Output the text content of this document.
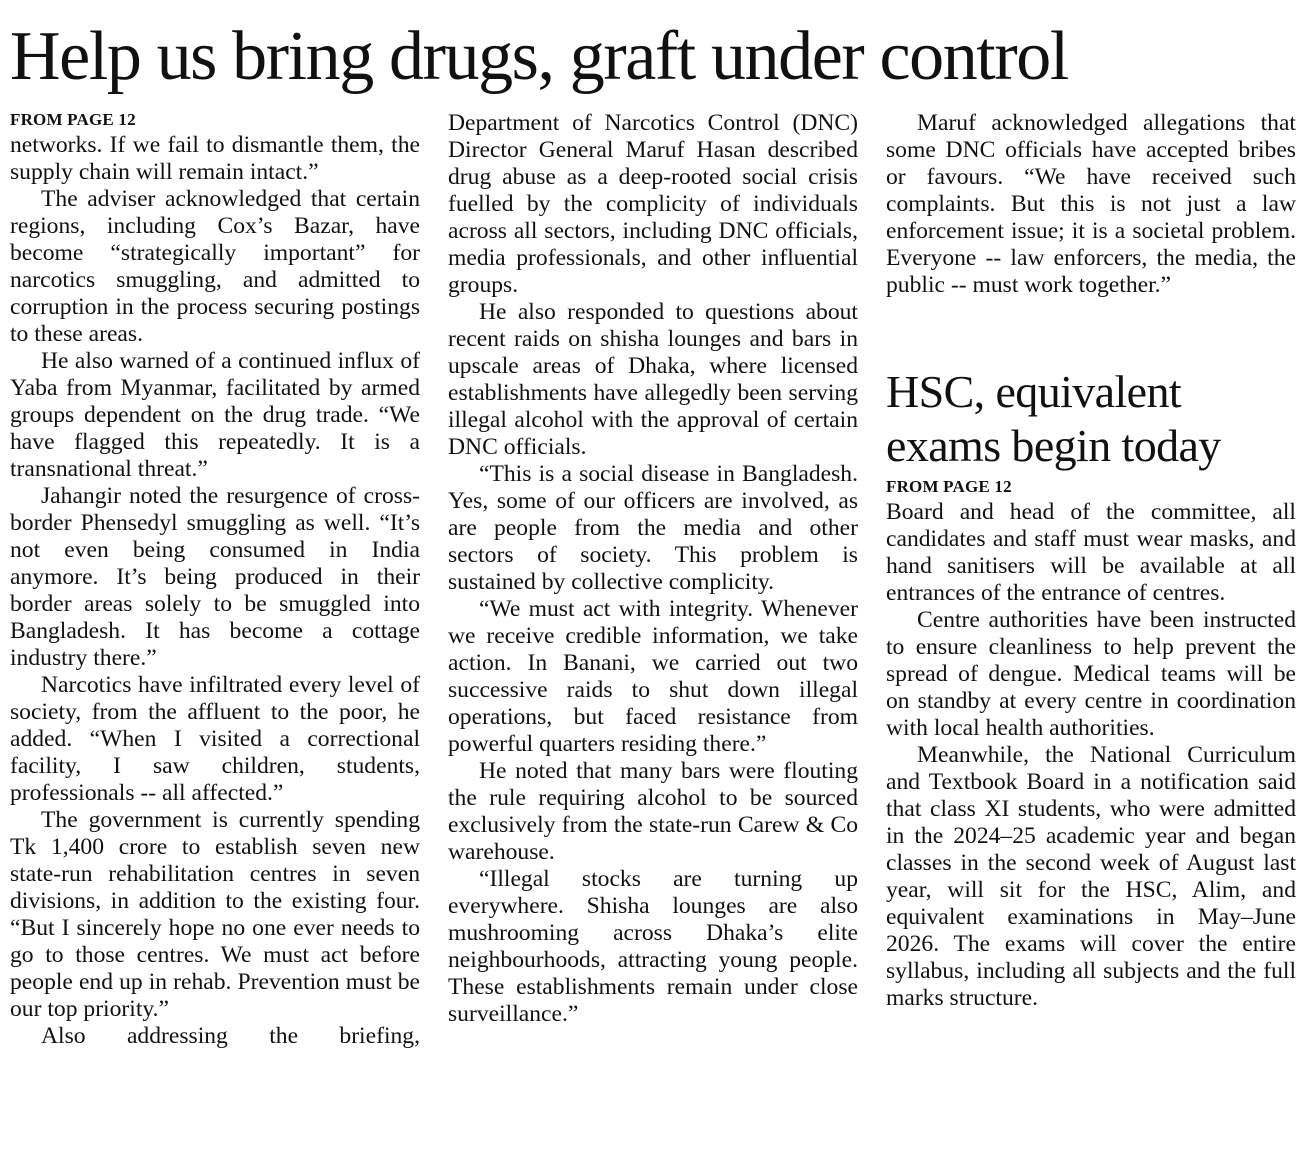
Help us bring drugs, graft under control

FROM PAGE 12

networks. If we fail to dismantle them, the supply chain will remain intact.”

The adviser acknowledged that certain regions, including Cox’s Bazar, have become “strategically important” for narcotics smuggling, and admitted to corruption in the process securing postings to these areas.

He also warned of a continued influx of Yaba from Myanmar, facilitated by armed groups dependent on the drug trade. “We have flagged this repeatedly. It is a transnational threat.”

Jahangir noted the resurgence of cross-border Phensedyl smuggling as well. “It’s not even being consumed in India anymore. It’s being produced in their border areas solely to be smuggled into Bangladesh. It has become a cottage industry there.”

Narcotics have infiltrated every level of society, from the affluent to the poor, he added. “When I visited a correctional facility, I saw children, students, professionals -- all affected.”

The government is currently spending Tk 1,400 crore to establish seven new state-run rehabilitation centres in seven divisions, in addition to the existing four. “But I sincerely hope no one ever needs to go to those centres. We must act before people end up in rehab. Prevention must be our top priority.”

Also addressing the briefing,

Department of Narcotics Control (DNC) Director General Maruf Hasan described drug abuse as a deep-rooted social crisis fuelled by the complicity of individuals across all sectors, including DNC officials, media professionals, and other influential groups.

He also responded to questions about recent raids on shisha lounges and bars in upscale areas of Dhaka, where licensed establishments have allegedly been serving illegal alcohol with the approval of certain DNC officials.

“This is a social disease in Bangladesh. Yes, some of our officers are involved, as are people from the media and other sectors of society. This problem is sustained by collective complicity.

“We must act with integrity. Whenever we receive credible information, we take action. In Banani, we carried out two successive raids to shut down illegal operations, but faced resistance from powerful quarters residing there.”

He noted that many bars were flouting the rule requiring alcohol to be sourced exclusively from the state-run Carew & Co warehouse.

“Illegal stocks are turning up everywhere. Shisha lounges are also mushrooming across Dhaka’s elite neighbourhoods, attracting young people. These establishments remain under close surveillance.”

Maruf acknowledged allegations that some DNC officials have accepted bribes or favours. “We have received such complaints. But this is not just a law enforcement issue; it is a societal problem. Everyone -- law enforcers, the media, the public -- must work together.”

HSC, equivalent exams begin today

FROM PAGE 12

Board and head of the committee, all candidates and staff must wear masks, and hand sanitisers will be available at all entrances of the entrance of centres.

Centre authorities have been instructed to ensure cleanliness to help prevent the spread of dengue. Medical teams will be on standby at every centre in coordination with local health authorities.

Meanwhile, the National Curriculum and Textbook Board in a notification said that class XI students, who were admitted in the 2024–25 academic year and began classes in the second week of August last year, will sit for the HSC, Alim, and equivalent examinations in May–June 2026. The exams will cover the entire syllabus, including all subjects and the full marks structure.
